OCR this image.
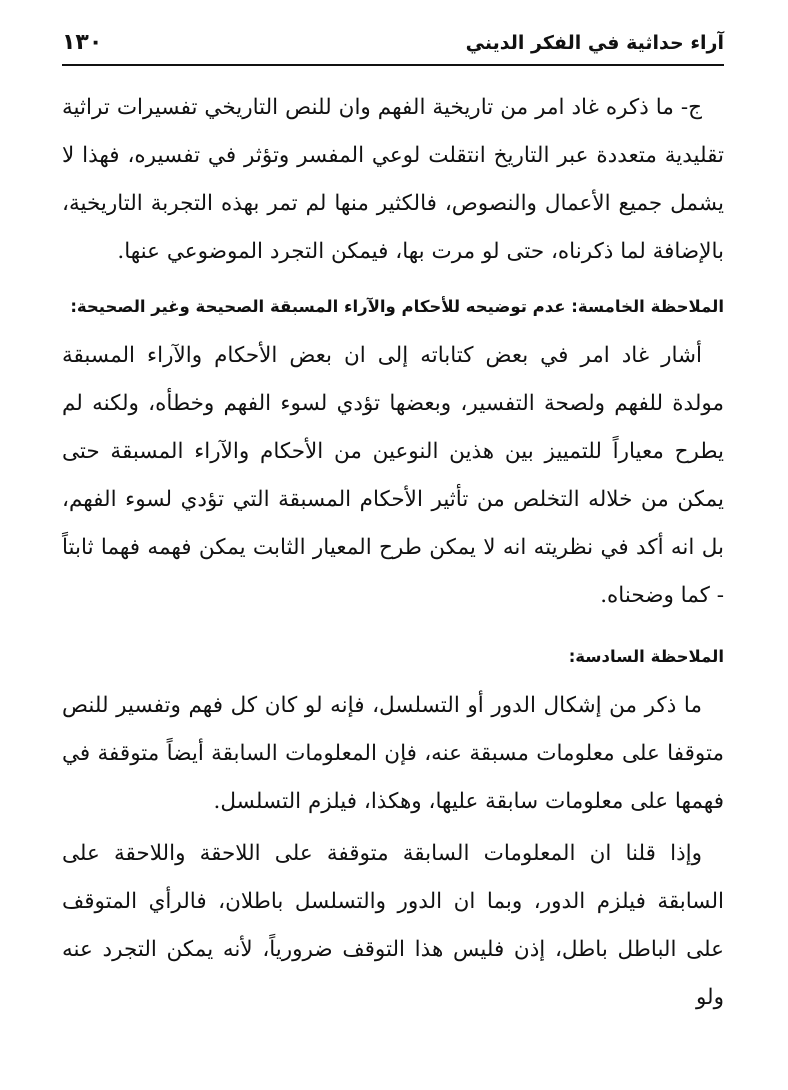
آراء حداثية في الفكر الديني
١٣٠

ج- ما ذكره غاد امر من تاريخية الفهم وان للنص التاريخي تفسيرات تراثية تقليدية متعددة عبر التاريخ انتقلت لوعي المفسر وتؤثر في تفسيره، فهذا لا يشمل جميع الأعمال والنصوص، فالكثير منها لم تمر بهذه التجربة التاريخية، بالإضافة لما ذكرناه، حتى لو مرت بها، فيمكن التجرد الموضوعي عنها.

الملاحظة الخامسة: عدم توضيحه للأحكام والآراء المسبقة الصحيحة وغير الصحيحة:

أشار غاد امر في بعض كتاباته إلى ان بعض الأحكام والآراء المسبقة مولدة للفهم ولصحة التفسير، وبعضها تؤدي لسوء الفهم وخطأه، ولكنه لم يطرح معياراً للتمييز بين هذين النوعين من الأحكام والآراء المسبقة حتى يمكن من خلاله التخلص من تأثير الأحكام المسبقة التي تؤدي لسوء الفهم، بل انه أكد في نظريته انه لا يمكن طرح المعيار الثابت يمكن فهمه فهما ثابتاً - كما وضحناه.

الملاحظة السادسة:

ما ذكر من إشكال الدور أو التسلسل، فإنه لو كان كل فهم وتفسير للنص متوقفا على معلومات مسبقة عنه، فإن المعلومات السابقة أيضاً متوقفة في فهمها على معلومات سابقة عليها، وهكذا، فيلزم التسلسل.

وإذا قلنا ان المعلومات السابقة متوقفة على اللاحقة واللاحقة على السابقة فيلزم الدور، وبما ان الدور والتسلسل باطلان، فالرأي المتوقف على الباطل باطل، إذن فليس هذا التوقف ضرورياً، لأنه يمكن التجرد عنه ولو
